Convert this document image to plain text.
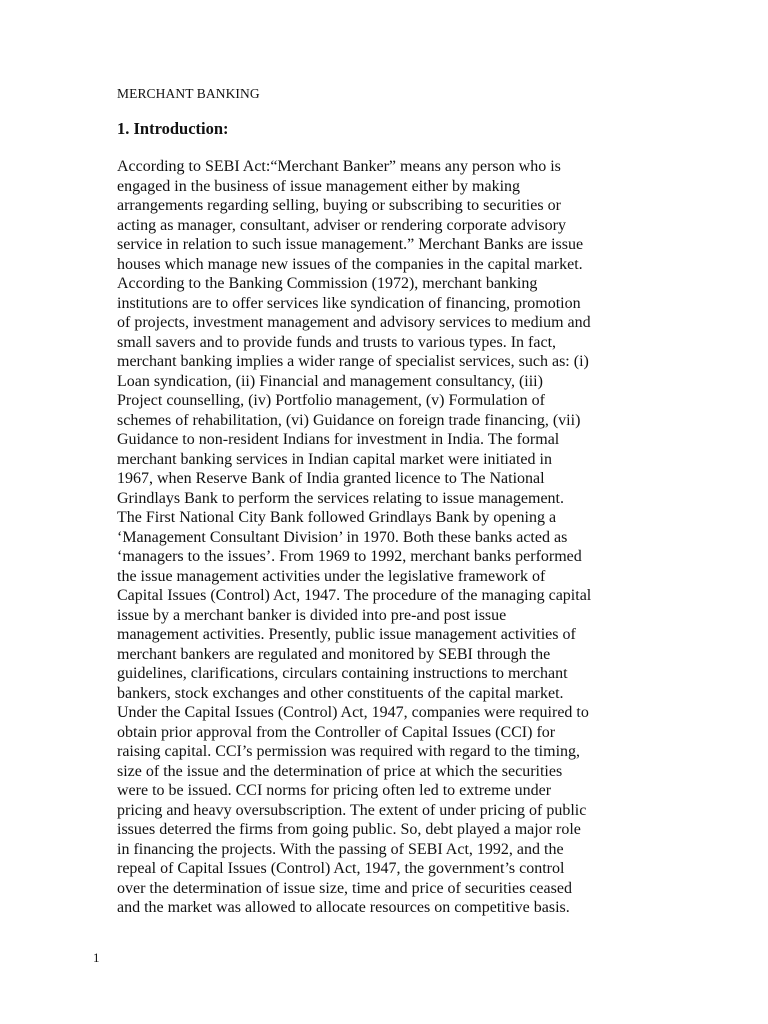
MERCHANT BANKING
1. Introduction:
According to SEBI Act:“Merchant Banker” means any person who is
engaged in the business of issue management either by making
arrangements regarding selling, buying or subscribing to securities or
acting as manager, consultant, adviser or rendering corporate advisory
service in relation to such issue management.” Merchant Banks are issue
houses which manage new issues of the companies in the capital market.
According to the Banking Commission (1972), merchant banking
institutions are to offer services like syndication of financing, promotion
of projects, investment management and advisory services to medium and
small savers and to provide funds and trusts to various types. In fact,
merchant banking implies a wider range of specialist services, such as: (i)
Loan syndication, (ii) Financial and management consultancy, (iii)
Project counselling, (iv) Portfolio management, (v) Formulation of
schemes of rehabilitation, (vi) Guidance on foreign trade financing, (vii)
Guidance to non-resident Indians for investment in India. The formal
merchant banking services in Indian capital market were initiated in
1967, when Reserve Bank of India granted licence to The National
Grindlays Bank to perform the services relating to issue management.
The First National City Bank followed Grindlays Bank by opening a
‘Management Consultant Division’ in 1970. Both these banks acted as
‘managers to the issues’. From 1969 to 1992, merchant banks performed
the issue management activities under the legislative framework of
Capital Issues (Control) Act, 1947. The procedure of the managing capital
issue by a merchant banker is divided into pre-and post issue
management activities. Presently, public issue management activities of
merchant bankers are regulated and monitored by SEBI through the
guidelines, clarifications, circulars containing instructions to merchant
bankers, stock exchanges and other constituents of the capital market.
Under the Capital Issues (Control) Act, 1947, companies were required to
obtain prior approval from the Controller of Capital Issues (CCI) for
raising capital. CCI’s permission was required with regard to the timing,
size of the issue and the determination of price at which the securities
were to be issued. CCI norms for pricing often led to extreme under
pricing and heavy oversubscription. The extent of under pricing of public
issues deterred the firms from going public. So, debt played a major role
in financing the projects. With the passing of SEBI Act, 1992, and the
repeal of Capital Issues (Control) Act, 1947, the government’s control
over the determination of issue size, time and price of securities ceased
and the market was allowed to allocate resources on competitive basis.
1
